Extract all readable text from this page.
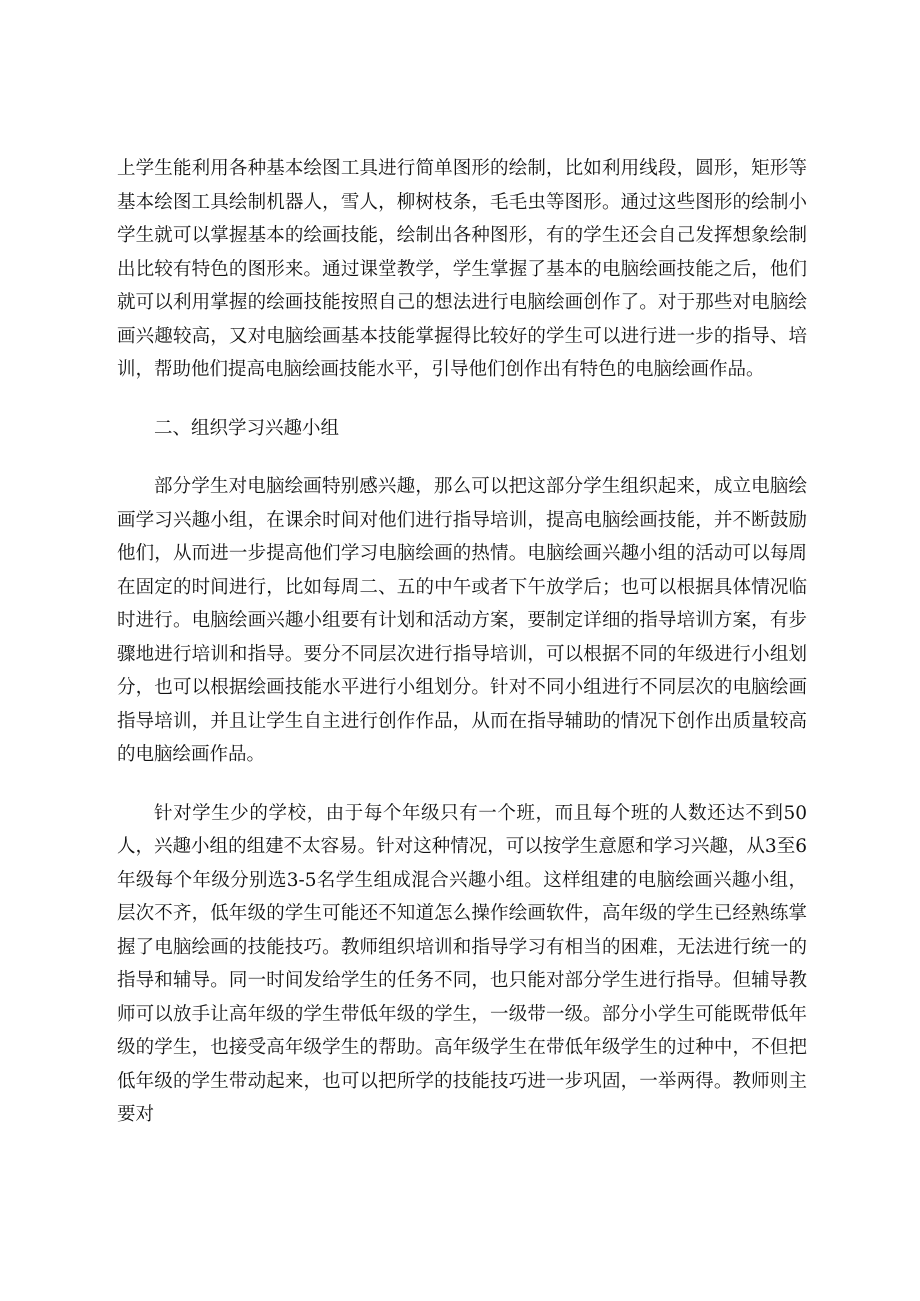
上学生能利用各种基本绘图工具进行简单图形的绘制，比如利用线段，圆形，矩形等基本绘图工具绘制机器人，雪人，柳树枝条，毛毛虫等图形。通过这些图形的绘制小学生就可以掌握基本的绘画技能，绘制出各种图形，有的学生还会自己发挥想象绘制出比较有特色的图形来。通过课堂教学，学生掌握了基本的电脑绘画技能之后，他们就可以利用掌握的绘画技能按照自己的想法进行电脑绘画创作了。对于那些对电脑绘画兴趣较高，又对电脑绘画基本技能掌握得比较好的学生可以进行进一步的指导、培训，帮助他们提高电脑绘画技能水平，引导他们创作出有特色的电脑绘画作品。

二、组织学习兴趣小组

部分学生对电脑绘画特别感兴趣，那么可以把这部分学生组织起来，成立电脑绘画学习兴趣小组，在课余时间对他们进行指导培训，提高电脑绘画技能，并不断鼓励他们，从而进一步提高他们学习电脑绘画的热情。电脑绘画兴趣小组的活动可以每周在固定的时间进行，比如每周二、五的中午或者下午放学后；也可以根据具体情况临时进行。电脑绘画兴趣小组要有计划和活动方案，要制定详细的指导培训方案，有步骤地进行培训和指导。要分不同层次进行指导培训，可以根据不同的年级进行小组划分，也可以根据绘画技能水平进行小组划分。针对不同小组进行不同层次的电脑绘画指导培训，并且让学生自主进行创作作品，从而在指导辅助的情况下创作出质量较高的电脑绘画作品。

针对学生少的学校，由于每个年级只有一个班，而且每个班的人数还达不到50人，兴趣小组的组建不太容易。针对这种情况，可以按学生意愿和学习兴趣，从3至6年级每个年级分别选3-5名学生组成混合兴趣小组。这样组建的电脑绘画兴趣小组，层次不齐，低年级的学生可能还不知道怎么操作绘画软件，高年级的学生已经熟练掌握了电脑绘画的技能技巧。教师组织培训和指导学习有相当的困难，无法进行统一的指导和辅导。同一时间发给学生的任务不同，也只能对部分学生进行指导。但辅导教师可以放手让高年级的学生带低年级的学生，一级带一级。部分小学生可能既带低年级的学生，也接受高年级学生的帮助。高年级学生在带低年级学生的过种中，不但把低年级的学生带动起来，也可以把所学的技能技巧进一步巩固，一举两得。教师则主要对
